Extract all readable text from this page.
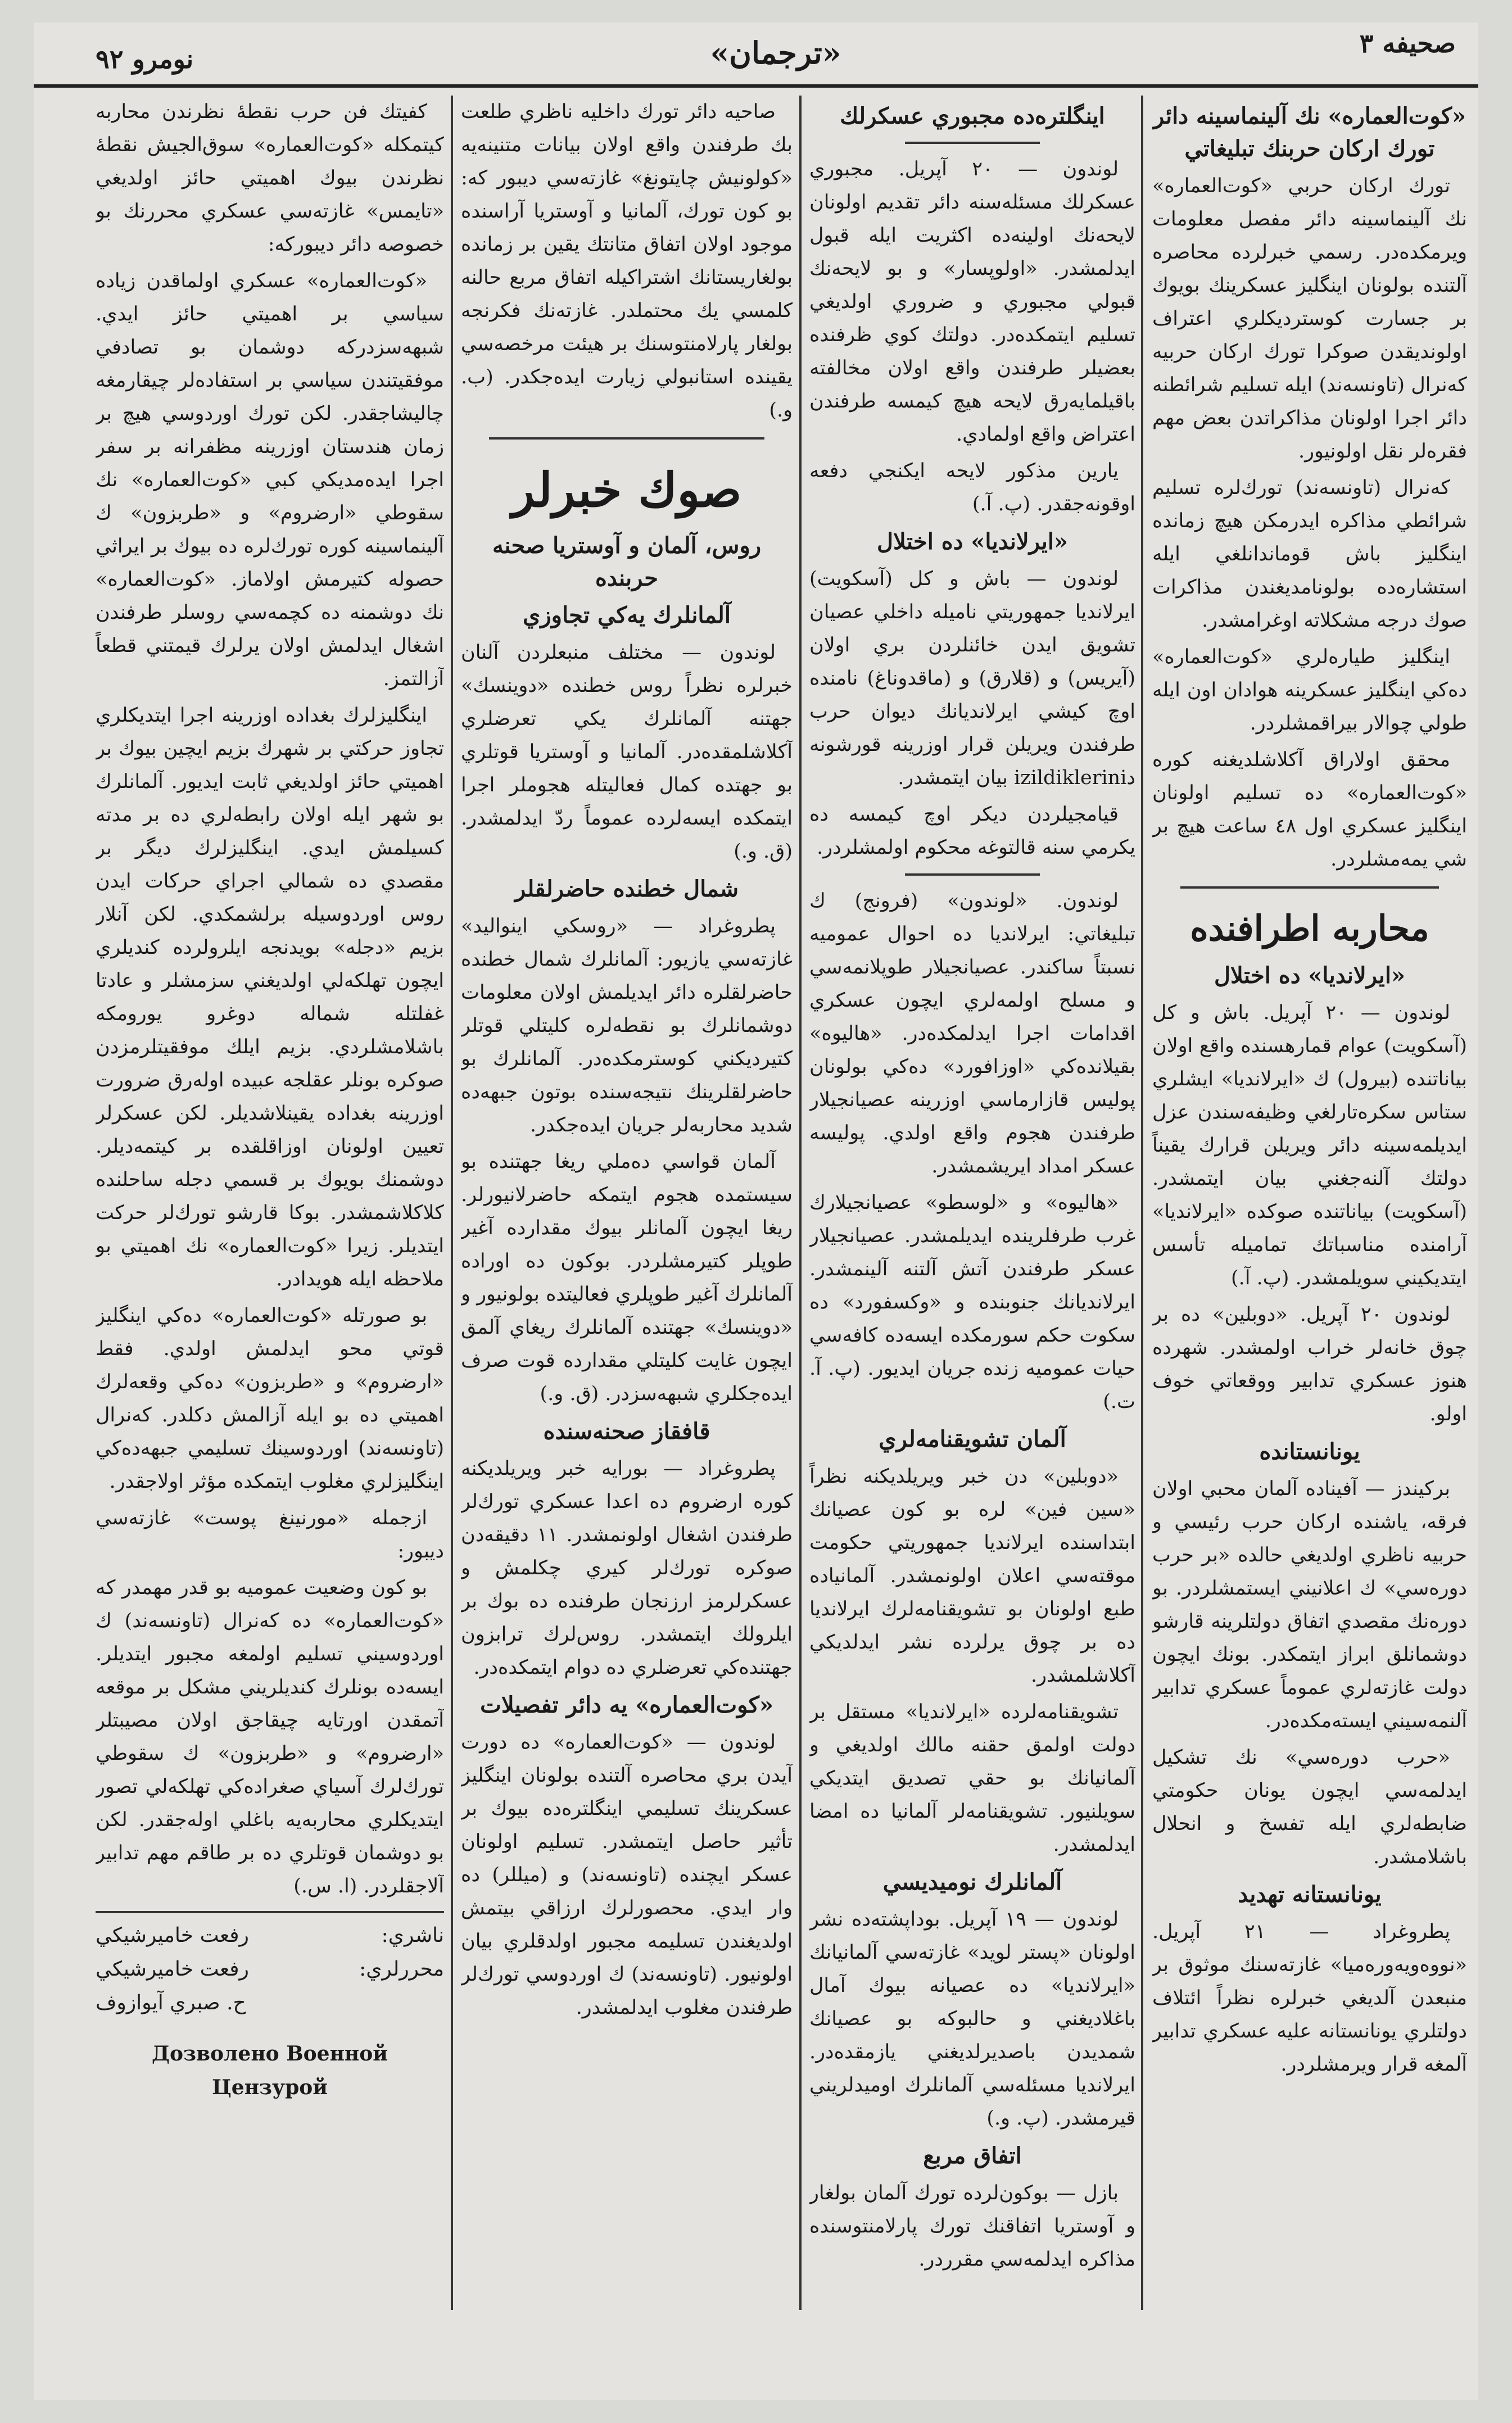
نومرو ٩٢	«ترجمان»	صحيفه ٣
«كوت‌العماره» نك آلينماسينه دائر تورك اركان حربنك تبليغاتي

تورك اركان حربي «كوت‌العماره» نك آلينماسينه دائر مفصل معلومات ويرمكده‌در. رسمي خبرلرده محاصره آلتنده بولونان اينگليز عسكرينك بويوك بر جسارت كوسترديكلري اعتراف اولونديقدن صوكرا تورك اركان حربيه كه‌نرال (تاونسه‌ند) ايله تسليم شرائطنه دائر اجرا اولونان مذاكراتدن بعض مهم فقره‌لر نقل اولونيور.

كه‌نرال (تاونسه‌ند) تورك‌لره تسليم شرائطي مذاكره ايدرمكن هيچ زمانده اينگليز باش قوماندانلغي ايله استشاره‌ده بولونامديغندن مذاكرات صوك درجه مشكلاته اوغرامشدر.

اينگليز طياره‌لري «كوت‌العماره» ده‌كي اينگليز عسكرينه هوادان اون ايله طولي چوالار بيراقمشلردر.

محقق اولاراق آكلاشلديغنه كوره «كوت‌العماره» ده تسليم اولونان اينگليز عسكري اول ٤٨ ساعت هيچ بر شي يمه‌مشلردر.

محاربه اطرافنده
«ايرلانديا» ده اختلال

لوندون — ٢٠ آپريل. باش و كل (آسكويت) عوام قمارهسنده واقع اولان بياناتنده (بيرول) ك «ايرلانديا» ايشلري ستاس سكره‌تارلغي وظيفه‌سندن عزل ايديلمه‌سينه دائر ويريلن قرارك يقيناً دولتك آلنه‌جغني بيان ايتمشدر. (آسكويت) بياناتنده صوكده «ايرلانديا» آرامنده مناسباتك تماميله تأسس ايتديكيني سويلمشدر. (پ. آ.)

لوندون ٢٠ آپريل. «دوبلين» ده بر چوق خانه‌لر خراب اولمشدر. شهرده هنوز عسكري تدابير ووقعاتي خوف اولو.

يونانستانده

بركيندز — آفيناده آلمان محبي اولان فرقه، ياشنده اركان حرب رئيسي و حربيه ناظري اولديغي حالده «بر حرب دوره‌سي» ك اعلانيني ايستمشلردر. بو دوره‌نك مقصدي اتفاق دولتلرينه قارشو دوشمانلق ابراز ايتمكدر. بونك ايچون دولت غازته‌لري عموماً عسكري تدابير آلنمه‌سيني ايسته‌مكده‌در.

«حرب دوره‌سي» نك تشكيل ايدلمه‌سي ايچون يونان حكومتي ضابطه‌لري ايله تفسخ و انحلال باشلامشدر.

يونانستانه تهديد

پطروغراد — ٢١ آپريل. «نووه‌ويه‌وره‌ميا» غازته‌سنك موثوق بر منبعدن آلديغي خبرلره نظراً ائتلاف دولتلري يونانستانه عليه عسكري تدابير آلمغه قرار ويرمشلردر.

اينگلتره‌ده مجبوري عسكرلك

لوندون — ٢٠ آپريل. مجبوري عسكرلك مسئله‌سنه دائر تقديم اولونان لايحه‌نك اولينه‌ده اكثريت ايله قبول ايدلمشدر. «اولوپسار» و بو لايحه‌نك قبولي مجبوري و ضروري اولديغي تسليم ايتمكده‌در. دولتك كوي ظرفنده بعضيلر طرفندن واقع اولان مخالفته باقيلمايه‌رق لايحه هيچ كيمسه طرفندن اعتراض واقع اولمادي.

يارين مذكور لايحه ايكنجي دفعه اوقونه‌جقدر. (پ. آ.)

«ايرلانديا» ده اختلال

لوندون — باش و كل (آسكويت) ايرلانديا جمهوريتي ناميله داخلي عصيان تشويق ايدن خائنلردن بري اولان (آيريس) و (قلارق) و (ماقدوناغ) نامنده اوچ كيشي ايرلانديانك ديوان حرب طرفندن ويريلن قرار اوزرينه قورشونه دizildiklerini بيان ايتمشدر.

قيامجيلردن ديكر اوچ كيمسه ده يكرمي سنه قالتوغه محكوم اولمشلردر.

لوندون. «لوندون» (فرونج) ك تبليغاتي: ايرلانديا ده احوال عموميه نسبتاً ساكندر. عصيانجيلار طوپلانمه‌سي و مسلح اولمه‌لري ايچون عسكري اقدامات اجرا ايدلمكده‌در. «هاليوه» بقيلانده‌كي «اوزافورد» ده‌كي بولونان پوليس قازارماسي اوزرينه عصيانجيلار طرفندن هجوم واقع اولدي. پوليسه عسكر امداد ايريشمشدر.

«هاليوه» و «لوسطو» عصيانجيلارك غرب طرفلرينده ايديلمشدر. عصيانجيلار عسكر طرفندن آتش آلتنه آلينمشدر. ايرلانديانك جنوبنده و «وكسفورد» ده سكوت حكم سورمكده ايسه‌ده كافه‌سي حيات عموميه زنده جريان ايديور. (پ. آ. ت.)

آلمان تشويقنامه‌لري

«دوبلين» دن خبر ويريلديكنه نظراً «سين فين» لره بو كون عصيانك ابتداسنده ايرلانديا جمهوريتي حكومت موقته‌سي اعلان اولونمشدر. آلمانياده طبع اولونان بو تشويقنامه‌لرك ايرلانديا ده بر چوق يرلرده نشر ايدلديكي آكلاشلمشدر.

تشويقنامه‌لرده «ايرلانديا» مستقل بر دولت اولمق حقنه مالك اولديغي و آلمانيانك بو حقي تصديق ايتديكي سويلنيور. تشويقنامه‌لر آلمانيا ده امضا ايدلمشدر.

آلمانلرك نوميديسي

لوندون — ١٩ آپريل. بوداپشته‌ده نشر اولونان «پستر لويد» غازته‌سي آلمانيانك «ايرلانديا» ده عصيانه بيوك آمال باغلاديغني و حالبوكه بو عصيانك شمديدن باصديرلديغني يازمقده‌در. ايرلانديا مسئله‌سي آلمانلرك اوميدلريني قيرمشدر. (پ. و.)

اتفاق مربع

بازل — بوكون‌لرده تورك آلمان بولغار و آوستريا اتفاقنك تورك پارلامنتوسنده مذاكره ايدلمه‌سي مقرردر.

صاحيه دائر تورك داخليه ناظري طلعت بك طرفندن واقع اولان بيانات متنينه‌يه «كولونيش چايتونغ» غازته‌سي ديبور كه: بو كون تورك، آلمانيا و آوستريا آراسنده موجود اولان اتفاق متانتك يقين بر زمانده بولغاريستانك اشتراكيله اتفاق مربع حالنه كلمسي يك محتملدر. غازته‌نك فكرنجه بولغار پارلامنتوسنك بر هيئت مرخصه‌سي يقينده استانبولي زيارت ايده‌جكدر. (ب. و.)

صوك خبرلر
روس، آلمان و آوستريا صحنه حربنده
آلمانلرك يه‌كي تجاوزي

لوندون — مختلف منبعلردن آلنان خبرلره نظراً روس خطنده «دوينسك» جهتنه آلمانلرك يكي تعرضلري آكلاشلمقده‌در. آلمانيا و آوستريا قوتلري بو جهتده كمال فعاليتله هجوملر اجرا ايتمكده ايسه‌لرده عموماً ردّ ايدلمشدر. (ق. و.)

شمال خطنده حاضرلقلر

پطروغراد — «روسكي اينواليد» غازته‌سي يازيور: آلمانلرك شمال خطنده حاضرلقلره دائر ايديلمش اولان معلومات دوشمانلرك بو نقطه‌لره كليتلي قوتلر كتيرديكني كوسترمكده‌در. آلمانلرك بو حاضرلقلرينك نتيجه‌سنده بوتون جبهه‌ده شديد محاربه‌لر جريان ايده‌جكدر.

آلمان قواسي ده‌ملي ريغا جهتنده بو سيستمده هجوم ايتمكه حاضرلانيورلر. ريغا ايچون آلمانلر بيوك مقدارده آغير طوپلر كتيرمشلردر. بوكون ده اوراده آلمانلرك آغير طوپلري فعاليتده بولونيور و «دوينسك» جهتنده آلمانلرك ريغاي آلمق ايچون غايت كليتلي مقدارده قوت صرف ايده‌جكلري شبهه‌سزدر. (ق. و.)

قافقاز صحنه‌سنده

پطروغراد — بورايه خبر ويريلديكنه كوره ارضروم ده اعدا عسكري تورك‌لر طرفندن اشغال اولونمشدر. ١١ دقيقه‌دن صوكره تورك‌لر كيري چكلمش و عسكرلرمز ارزنجان طرفنده ده بوك بر ايلرولك ايتمشدر. روس‌لرك ترابزون جهتنده‌كي تعرضلري ده دوام ايتمكده‌در.

«كوت‌العماره» يه دائر تفصيلات

لوندون — «كوت‌العماره» ده دورت آيدن بري محاصره آلتنده بولونان اينگليز عسكرينك تسليمي اينگلتره‌ده بيوك بر تأثير حاصل ايتمشدر. تسليم اولونان عسكر ايچنده (تاونسه‌ند) و (ميللر) ده وار ايدي. محصورلرك ارزاقي بيتمش اولديغندن تسليمه مجبور اولدقلري بيان اولونيور. (تاونسه‌ند) ك اوردوسي تورك‌لر طرفندن مغلوب ايدلمشدر.

كفيتك فن حرب نقطهٔ نظرندن محاربه كيتمكله «كوت‌العماره» سوق‌الجيش نقطهٔ نظرندن بيوك اهميتي حائز اولديغي «تايمس» غازته‌سي عسكري محررنك بو خصوصه دائر ديبوركه:

«كوت‌العماره» عسكري اولماقدن زياده سياسي بر اهميتي حائز ايدي. شبهه‌سزدركه دوشمان بو تصادفي موفقيتندن سياسي بر استفاده‌لر چيقارمغه چاليشاجقدر. لكن تورك اوردوسي هيچ بر زمان هندستان اوزرينه مظفرانه بر سفر اجرا ايده‌مديكي كبي «كوت‌العماره» نك سقوطي «ارضروم» و «طربزون» ك آلينماسينه كوره تورك‌لره ده بيوك بر ايراثي حصوله كتيرمش اولاماز. «كوت‌العماره» نك دوشمنه ده كچمه‌سي روسلر طرفندن اشغال ايدلمش اولان يرلرك قيمتني قطعاً آزالتمز.

اينگليزلرك بغداده اوزرينه اجرا ايتديكلري تجاوز حركتي بر شهرك بزيم ايچين بيوك بر اهميتي حائز اولديغي ثابت ايديور. آلمانلرك بو شهر ايله اولان رابطه‌لري ده بر مدته كسيلمش ايدي. اينگليزلرك ديگر بر مقصدي ده شمالي اجراي حركات ايدن روس اوردوسيله برلشمكدي. لكن آنلار بزيم «دجله» بويدنجه ايلرولرده كنديلري ايچون تهلكه‌لي اولديغني سزمشلر و عادتا غفلتله شماله دوغرو يورومكه باشلامشلردي. بزيم ايلك موفقيتلرمزدن صوكره بونلر عقلجه عبيده اوله‌رق ضرورت اوزرينه بغداده يقينلاشديلر. لكن عسكرلر تعيين اولونان اوزاقلقده بر كيتمه‌ديلر. دوشمنك بويوك بر قسمي دجله ساحلنده كلاكلاشمشدر. بوكا قارشو تورك‌لر حركت ايتديلر. زيرا «كوت‌العماره» نك اهميتي بو ملاحظه ايله هويدادر.

بو صورتله «كوت‌العماره» ده‌كي اينگليز قوتي محو ايدلمش اولدي. فقط «ارضروم» و «طربزون» ده‌كي وقعه‌لرك اهميتي ده بو ايله آزالمش دكلدر. كه‌نرال (تاونسه‌ند) اوردوسينك تسليمي جبهه‌ده‌كي اينگليزلري مغلوب ايتمكده مؤثر اولاجقدر.

ازجمله «مورنينغ پوست» غازته‌سي ديبور:

بو كون وضعيت عموميه بو قدر مهمدر كه «كوت‌العماره» ده كه‌نرال (تاونسه‌ند) ك اوردوسيني تسليم اولمغه مجبور ايتديلر. ايسه‌ده بونلرك كنديلريني مشكل بر موقعه آتمقدن اورتايه چيقاجق اولان مصيبتلر «ارضروم» و «طربزون» ك سقوطي تورك‌لرك آسياي صغراده‌كي تهلكه‌لي تصور ايتديكلري محاربه‌يه باغلي اوله‌جقدر. لكن بو دوشمان قوتلري ده بر طاقم مهم تدابير آلاجقلردر. (ا. س.)

ناشري:
رفعت خاميرشيكي
محررلري:
رفعت خاميرشيكي
ح. صبري آيواز‌وف
Дозволено Военной Цензурой
